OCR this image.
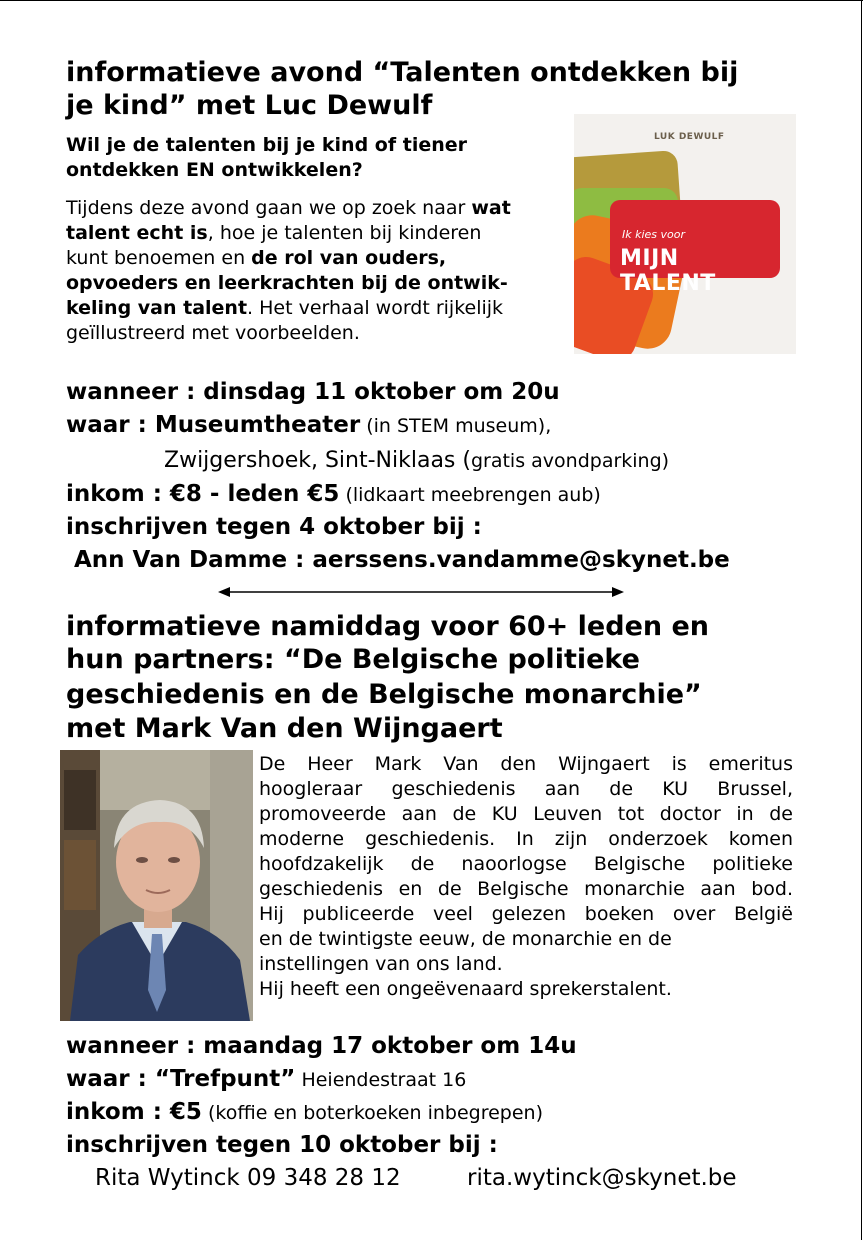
informatieve avond “Talenten ontdekken bij
je kind” met Luc Dewulf
Wil je de talenten bij je kind of tiener
ontdekken EN ontwikkelen?
Tijdens deze avond gaan we op zoek naar wat
talent echt is, hoe je talenten bij kinderen
kunt benoemen en de rol van ouders,
opvoeders en leerkrachten bij de ontwik-
keling van talent. Het verhaal wordt rijkelijk
geïllustreerd met voorbeelden.
LUK DEWULF
Ik kies voor
MIJN TALENT
wanneer : dinsdag 11 oktober om 20u
waar : Museumtheater (in STEM museum),
Zwijgershoek, Sint-Niklaas (gratis avondparking)
inkom : €8 - leden €5 (lidkaart meebrengen aub)
inschrijven tegen 4 oktober bij :
Ann Van Damme : aerssens.vandamme@skynet.be
informatieve namiddag voor 60+ leden en
hun partners: “De Belgische politieke
geschiedenis en de Belgische monarchie”
met Mark Van den Wijngaert
De Heer Mark Van den Wijngaert is emeritus
hoogleraar geschiedenis aan de KU Brussel,
promoveerde aan de KU Leuven tot doctor in de
moderne geschiedenis. In zijn onderzoek komen
hoofdzakelijk de naoorlogse Belgische politieke
geschiedenis en de Belgische monarchie aan bod.
Hij publiceerde veel gelezen boeken over België
en de twintigste eeuw, de monarchie en de
instellingen van ons land.
Hij heeft een ongeëvenaard sprekerstalent.
wanneer : maandag 17 oktober om 14u
waar : “Trefpunt” Heiendestraat 16
inkom : €5 (koffie en boterkoeken inbegrepen)
inschrijven tegen 10 oktober bij :
Rita Wytinck 09 348 28 12	rita.wytinck@skynet.be
